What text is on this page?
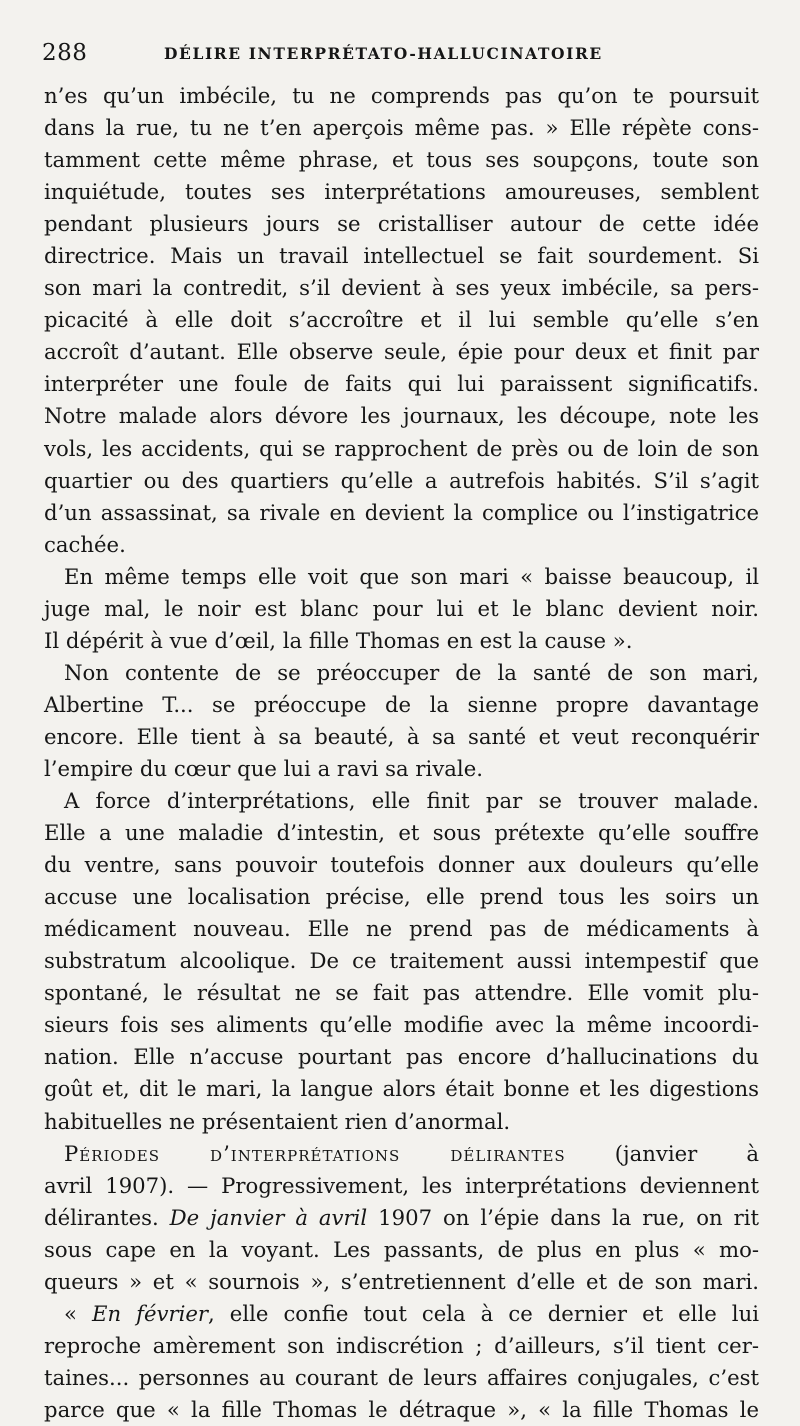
288	DÉLIRE INTERPRÉTATO-HALLUCINATOIRE
n’es qu’un imbécile, tu ne comprends pas qu’on te poursuit
dans la rue, tu ne t’en aperçois même pas. » Elle répète cons-
tamment cette même phrase, et tous ses soupçons, toute son
inquiétude, toutes ses interprétations amoureuses, semblent
pendant plusieurs jours se cristalliser autour de cette idée
directrice. Mais un travail intellectuel se fait sourdement. Si
son mari la contredit, s’il devient à ses yeux imbécile, sa pers-
picacité à elle doit s’accroître et il lui semble qu’elle s’en
accroît d’autant. Elle observe seule, épie pour deux et finit par
interpréter une foule de faits qui lui paraissent significatifs.
Notre malade alors dévore les journaux, les découpe, note les
vols, les accidents, qui se rapprochent de près ou de loin de son
quartier ou des quartiers qu’elle a autrefois habités. S’il s’agit
d’un assassinat, sa rivale en devient la complice ou l’instigatrice
cachée.
En même temps elle voit que son mari « baisse beaucoup, il
juge mal, le noir est blanc pour lui et le blanc devient noir.
Il dépérit à vue d’œil, la fille Thomas en est la cause ».
Non contente de se préoccuper de la santé de son mari,
Albertine T... se préoccupe de la sienne propre davantage
encore. Elle tient à sa beauté, à sa santé et veut reconquérir
l’empire du cœur que lui a ravi sa rivale.
A force d’interprétations, elle finit par se trouver malade.
Elle a une maladie d’intestin, et sous prétexte qu’elle souffre
du ventre, sans pouvoir toutefois donner aux douleurs qu’elle
accuse une localisation précise, elle prend tous les soirs un
médicament nouveau. Elle ne prend pas de médicaments à
substratum alcoolique. De ce traitement aussi intempestif que
spontané, le résultat ne se fait pas attendre. Elle vomit plu-
sieurs fois ses aliments qu’elle modifie avec la même incoordi-
nation. Elle n’accuse pourtant pas encore d’hallucinations du
goût et, dit le mari, la langue alors était bonne et les digestions
habituelles ne présentaient rien d’anormal.
Périodes d’interprétations délirantes (janvier à
avril 1907). — Progressivement, les interprétations deviennent
délirantes. De janvier à avril 1907 on l’épie dans la rue, on rit
sous cape en la voyant. Les passants, de plus en plus « mo-
queurs » et « sournois », s’entretiennent d’elle et de son mari.
« En février, elle confie tout cela à ce dernier et elle lui
reproche amèrement son indiscrétion ; d’ailleurs, s’il tient cer-
taines... personnes au courant de leurs affaires conjugales, c’est
parce que « la fille Thomas le détraque », « la fille Thomas le
